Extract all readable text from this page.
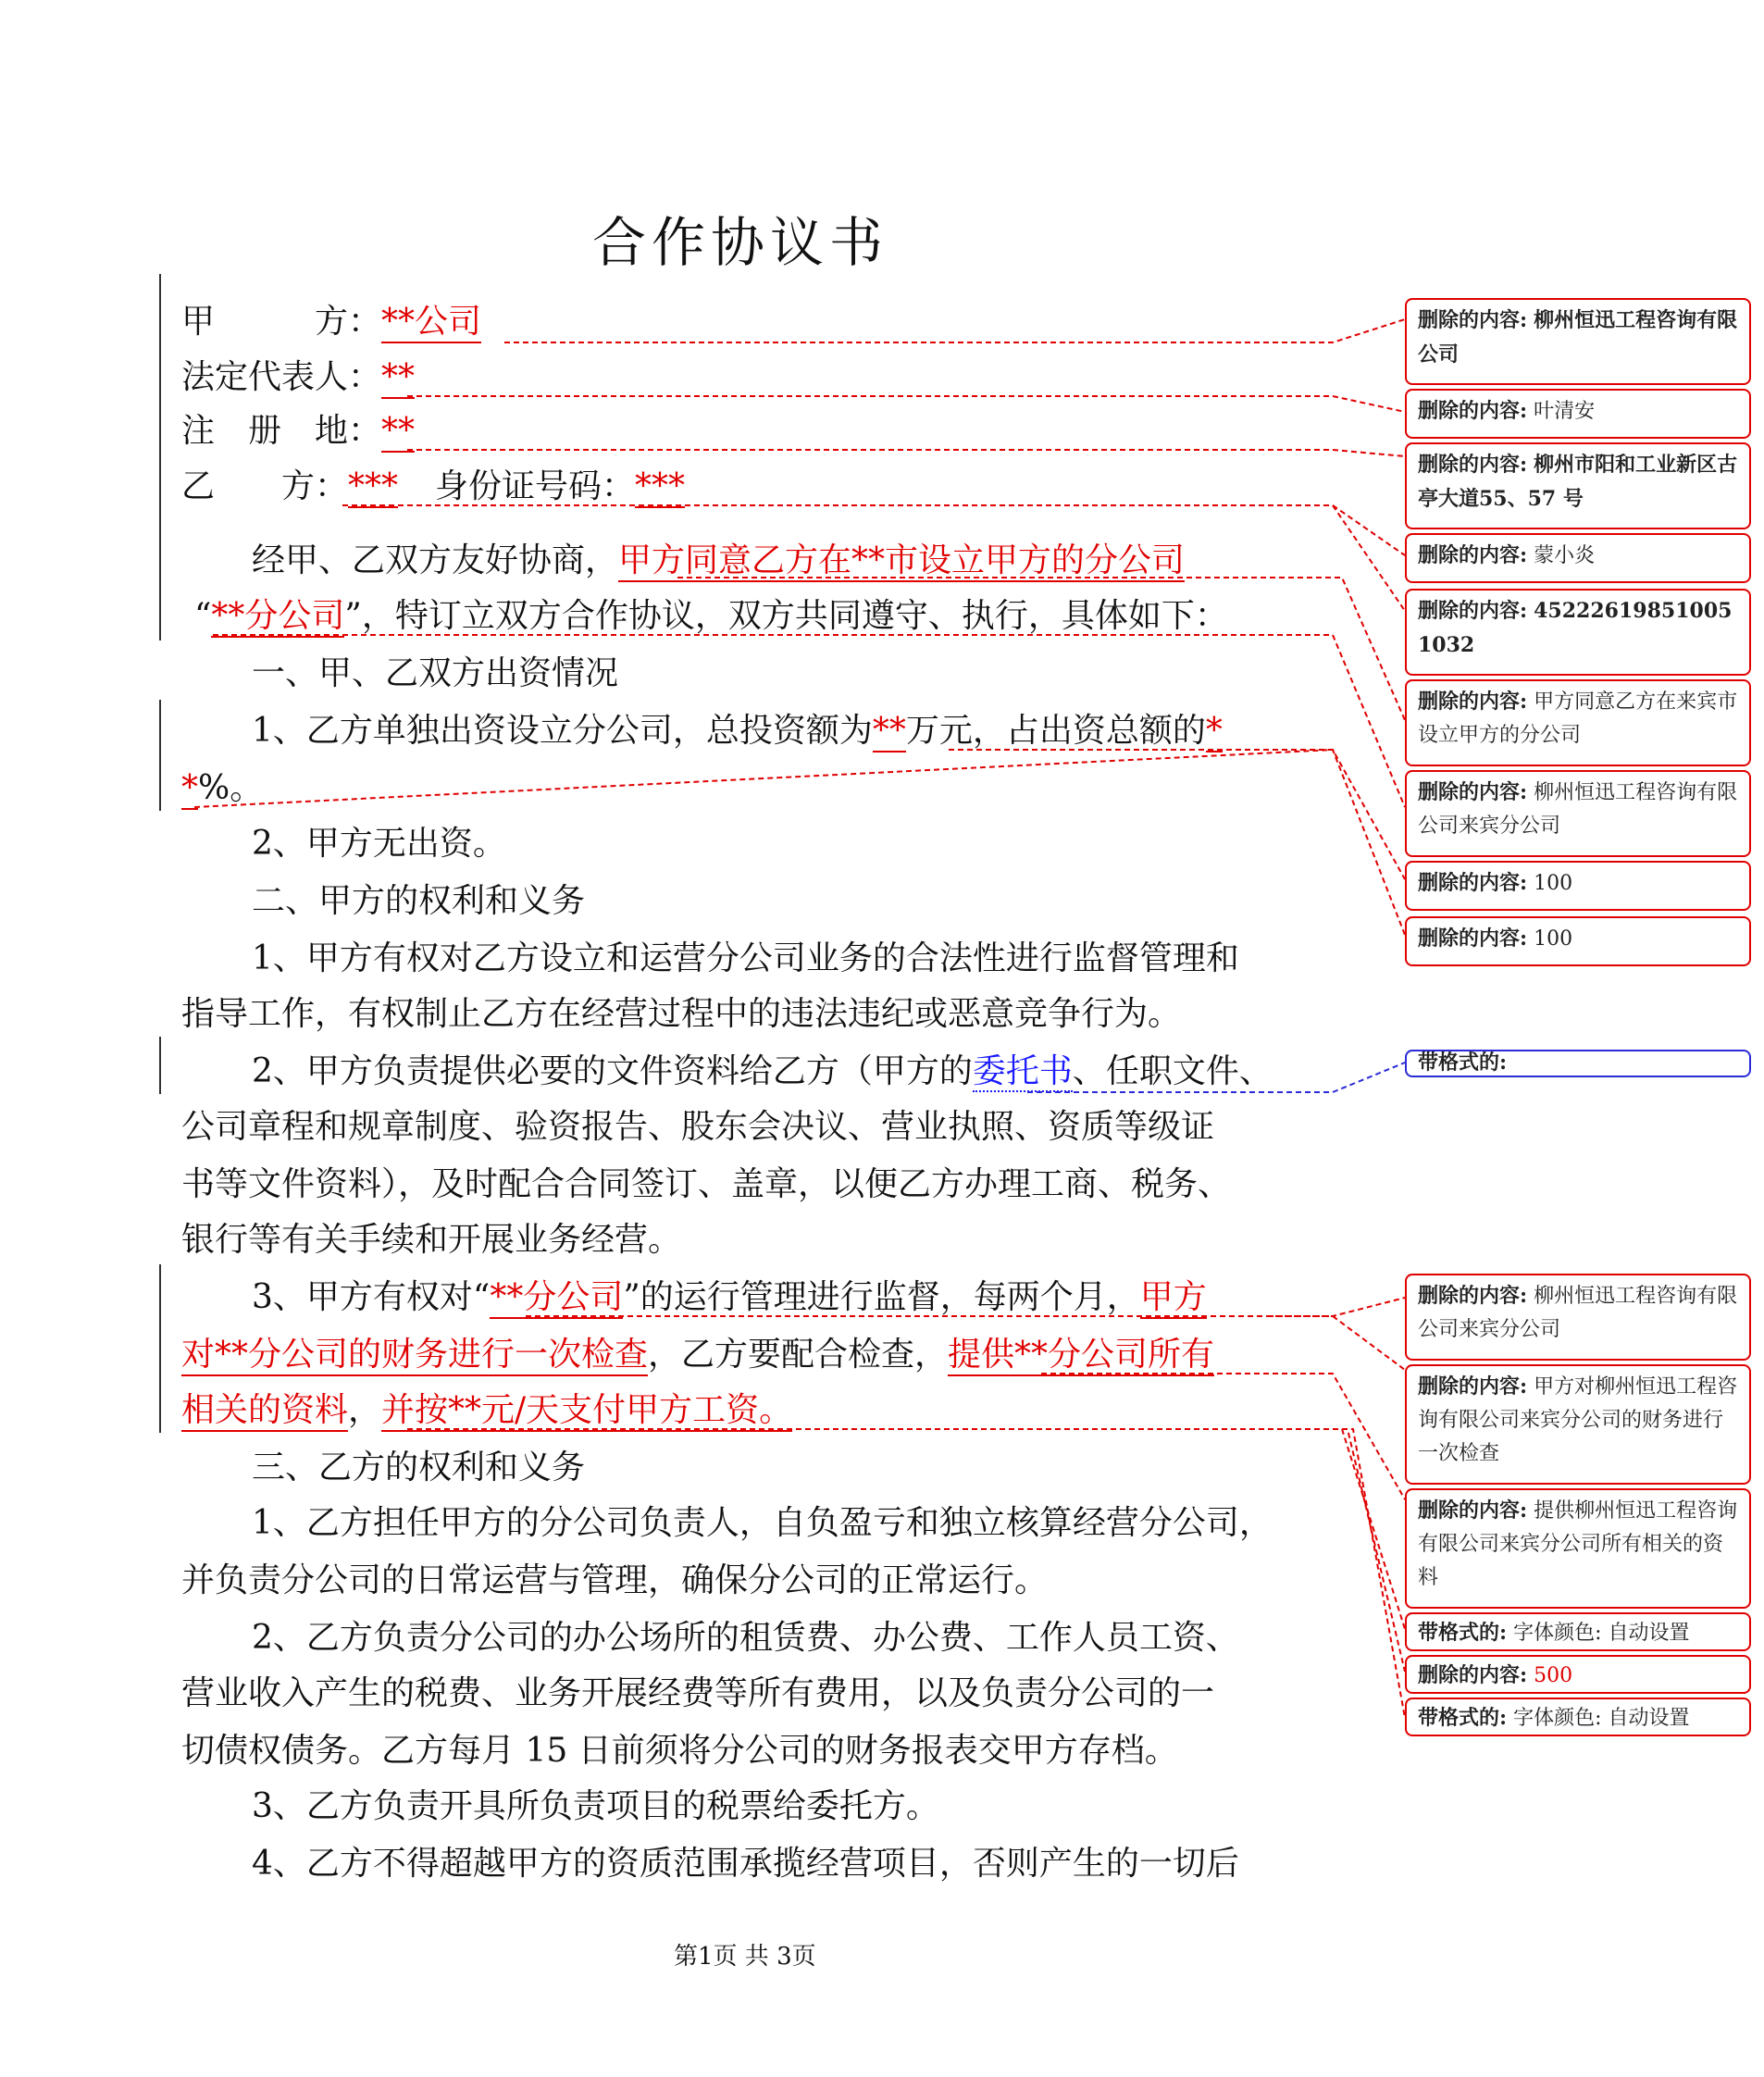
合作协议书
甲　　　方：**公司
法定代表人：**
注　册　地：**
乙　　方：*** 身份证号码：***
经甲、乙双方友好协商，甲方同意乙方在**市设立甲方的分公司
“**分公司”，特订立双方合作协议，双方共同遵守、执行，具体如下：
一、甲、乙双方出资情况
1、乙方单独出资设立分公司，总投资额为**万元，占出资总额的*
*%。
2、甲方无出资。
二、甲方的权利和义务
1、甲方有权对乙方设立和运营分公司业务的合法性进行监督管理和
指导工作，有权制止乙方在经营过程中的违法违纪或恶意竞争行为。
2、甲方负责提供必要的文件资料给乙方（甲方的委托书、任职文件、
公司章程和规章制度、验资报告、股东会决议、营业执照、资质等级证
书等文件资料），及时配合合同签订、盖章，以便乙方办理工商、税务、
银行等有关手续和开展业务经营。
3、甲方有权对“**分公司”的运行管理进行监督，每两个月，甲方
对**分公司的财务进行一次检查，乙方要配合检查，提供**分公司所有
相关的资料，并按**元/天支付甲方工资。
三、乙方的权利和义务
1、乙方担任甲方的分公司负责人，自负盈亏和独立核算经营分公司，
并负责分公司的日常运营与管理，确保分公司的正常运行。
2、乙方负责分公司的办公场所的租赁费、办公费、工作人员工资、
营业收入产生的税费、业务开展经费等所有费用，以及负责分公司的一
切债权债务。乙方每月 15 日前须将分公司的财务报表交甲方存档。
3、乙方负责开具所负责项目的税票给委托方。
4、乙方不得超越甲方的资质范围承揽经营项目，否则产生的一切后
删除的内容: 柳州恒迅工程咨询有限公司
删除的内容: 叶清安
删除的内容: 柳州市阳和工业新区古亭大道55、57 号
删除的内容: 蒙小炎
删除的内容: 452226198510051032
删除的内容: 甲方同意乙方在来宾市设立甲方的分公司
删除的内容: 柳州恒迅工程咨询有限公司来宾分公司
删除的内容: 100
删除的内容: 100
带格式的:
删除的内容: 柳州恒迅工程咨询有限公司来宾分公司
删除的内容: 甲方对柳州恒迅工程咨询有限公司来宾分公司的财务进行一次检查
删除的内容: 提供柳州恒迅工程咨询有限公司来宾分公司所有相关的资料
带格式的: 字体颜色: 自动设置
删除的内容: 500
带格式的: 字体颜色: 自动设置
第1页 共 3页
